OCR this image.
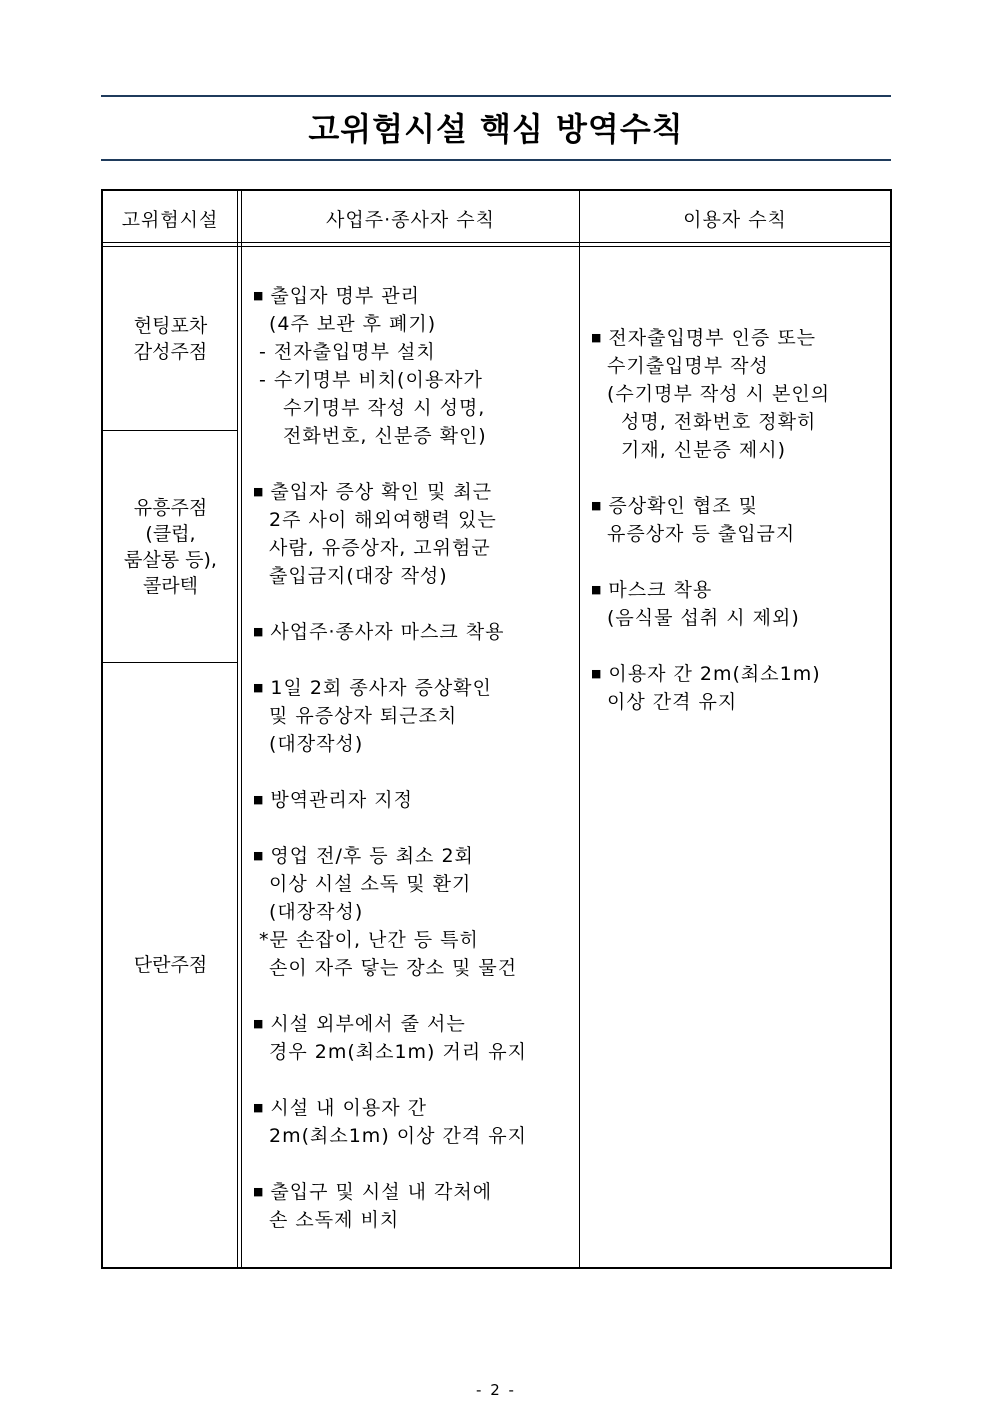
고위험시설 핵심 방역수칙
고위험시설	사업주·종사자 수칙	이용자 수칙
헌팅포차
감성주점
유흥주점
(클럽,
룸살롱 등),
콜라텍
단란주점
■ 출입자 명부 관리
(4주 보관 후 폐기)
- 전자출입명부 설치
- 수기명부 비치(이용자가
수기명부 작성 시 성명,
전화번호, 신분증 확인)
■ 출입자 증상 확인 및 최근
2주 사이 해외여행력 있는
사람, 유증상자, 고위험군
출입금지(대장 작성)
■ 사업주·종사자 마스크 착용
■ 1일 2회 종사자 증상확인
및 유증상자 퇴근조치
(대장작성)
■ 방역관리자 지정
■ 영업 전/후 등 최소 2회
이상 시설 소독 및 환기
(대장작성)
*문 손잡이, 난간 등 특히
손이 자주 닿는 장소 및 물건
■ 시설 외부에서 줄 서는
경우 2m(최소1m) 거리 유지
■ 시설 내 이용자 간
2m(최소1m) 이상 간격 유지
■ 출입구 및 시설 내 각처에
손 소독제 비치
■ 전자출입명부 인증 또는
수기출입명부 작성
(수기명부 작성 시 본인의
성명, 전화번호 정확히
기재, 신분증 제시)
■ 증상확인 협조 및
유증상자 등 출입금지
■ 마스크 착용
(음식물 섭취 시 제외)
■ 이용자 간 2m(최소1m)
이상 간격 유지
- 2 -
